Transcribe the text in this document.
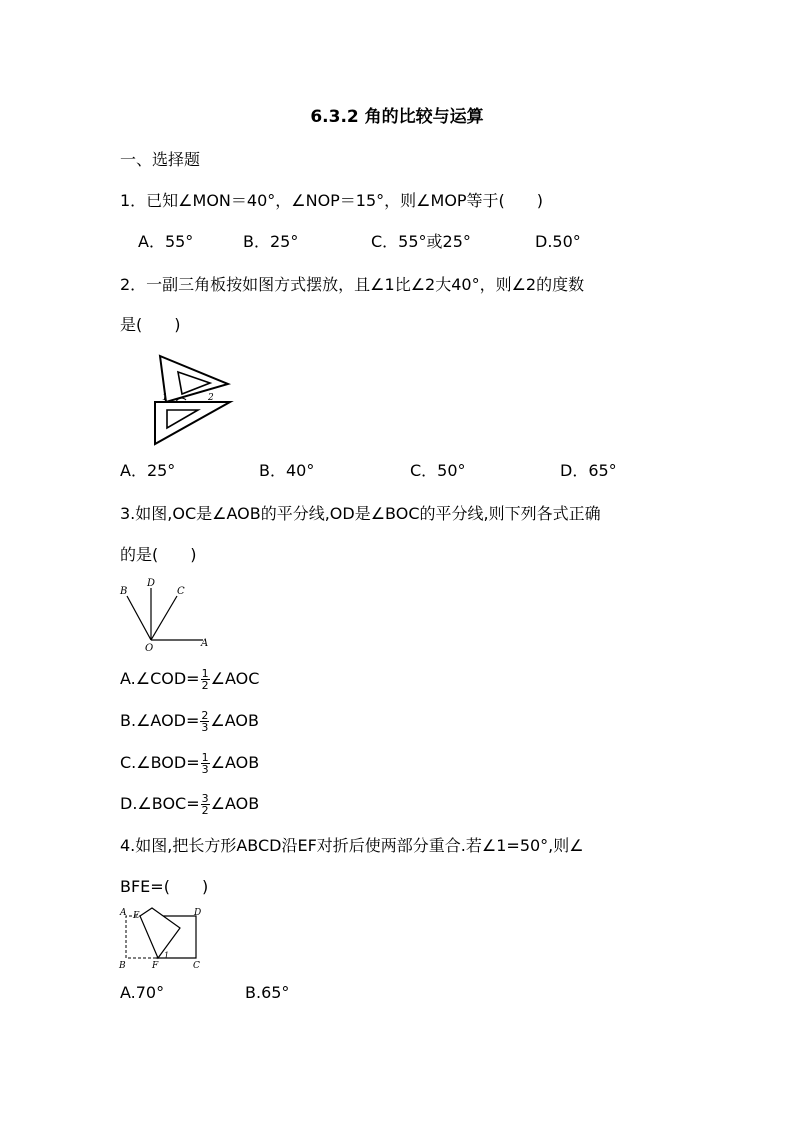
6.3.2 角的比较与运算
一、选择题
1．已知∠MON＝40°，∠NOP＝15°，则∠MOP等于(　　)
A．55°	B．25°	C．55°或25°	D.50°
2．一副三角板按如图方式摆放，且∠1比∠2大40°，则∠2的度数
是(　　)
1	2
A．25°	B．40°	C．50°	D．65°
3.如图,OC是∠AOB的平分线,OD是∠BOC的平分线,则下列各式正确
的是(　　)
B
D
C
O	A
A.∠COD= $\frac{1}{2}$ ∠AOC
B.∠AOD= $\frac{2}{3}$ ∠AOB
C.∠BOD= $\frac{1}{3}$ ∠AOB
D.∠BOC= $\frac{3}{2}$ ∠AOB
4.如图,把长方形ABCD沿EF对折后使两部分重合.若∠1=50°,则∠
BFE=(　　)
A E	D
B	F
1
C
A.70°	B.65°
